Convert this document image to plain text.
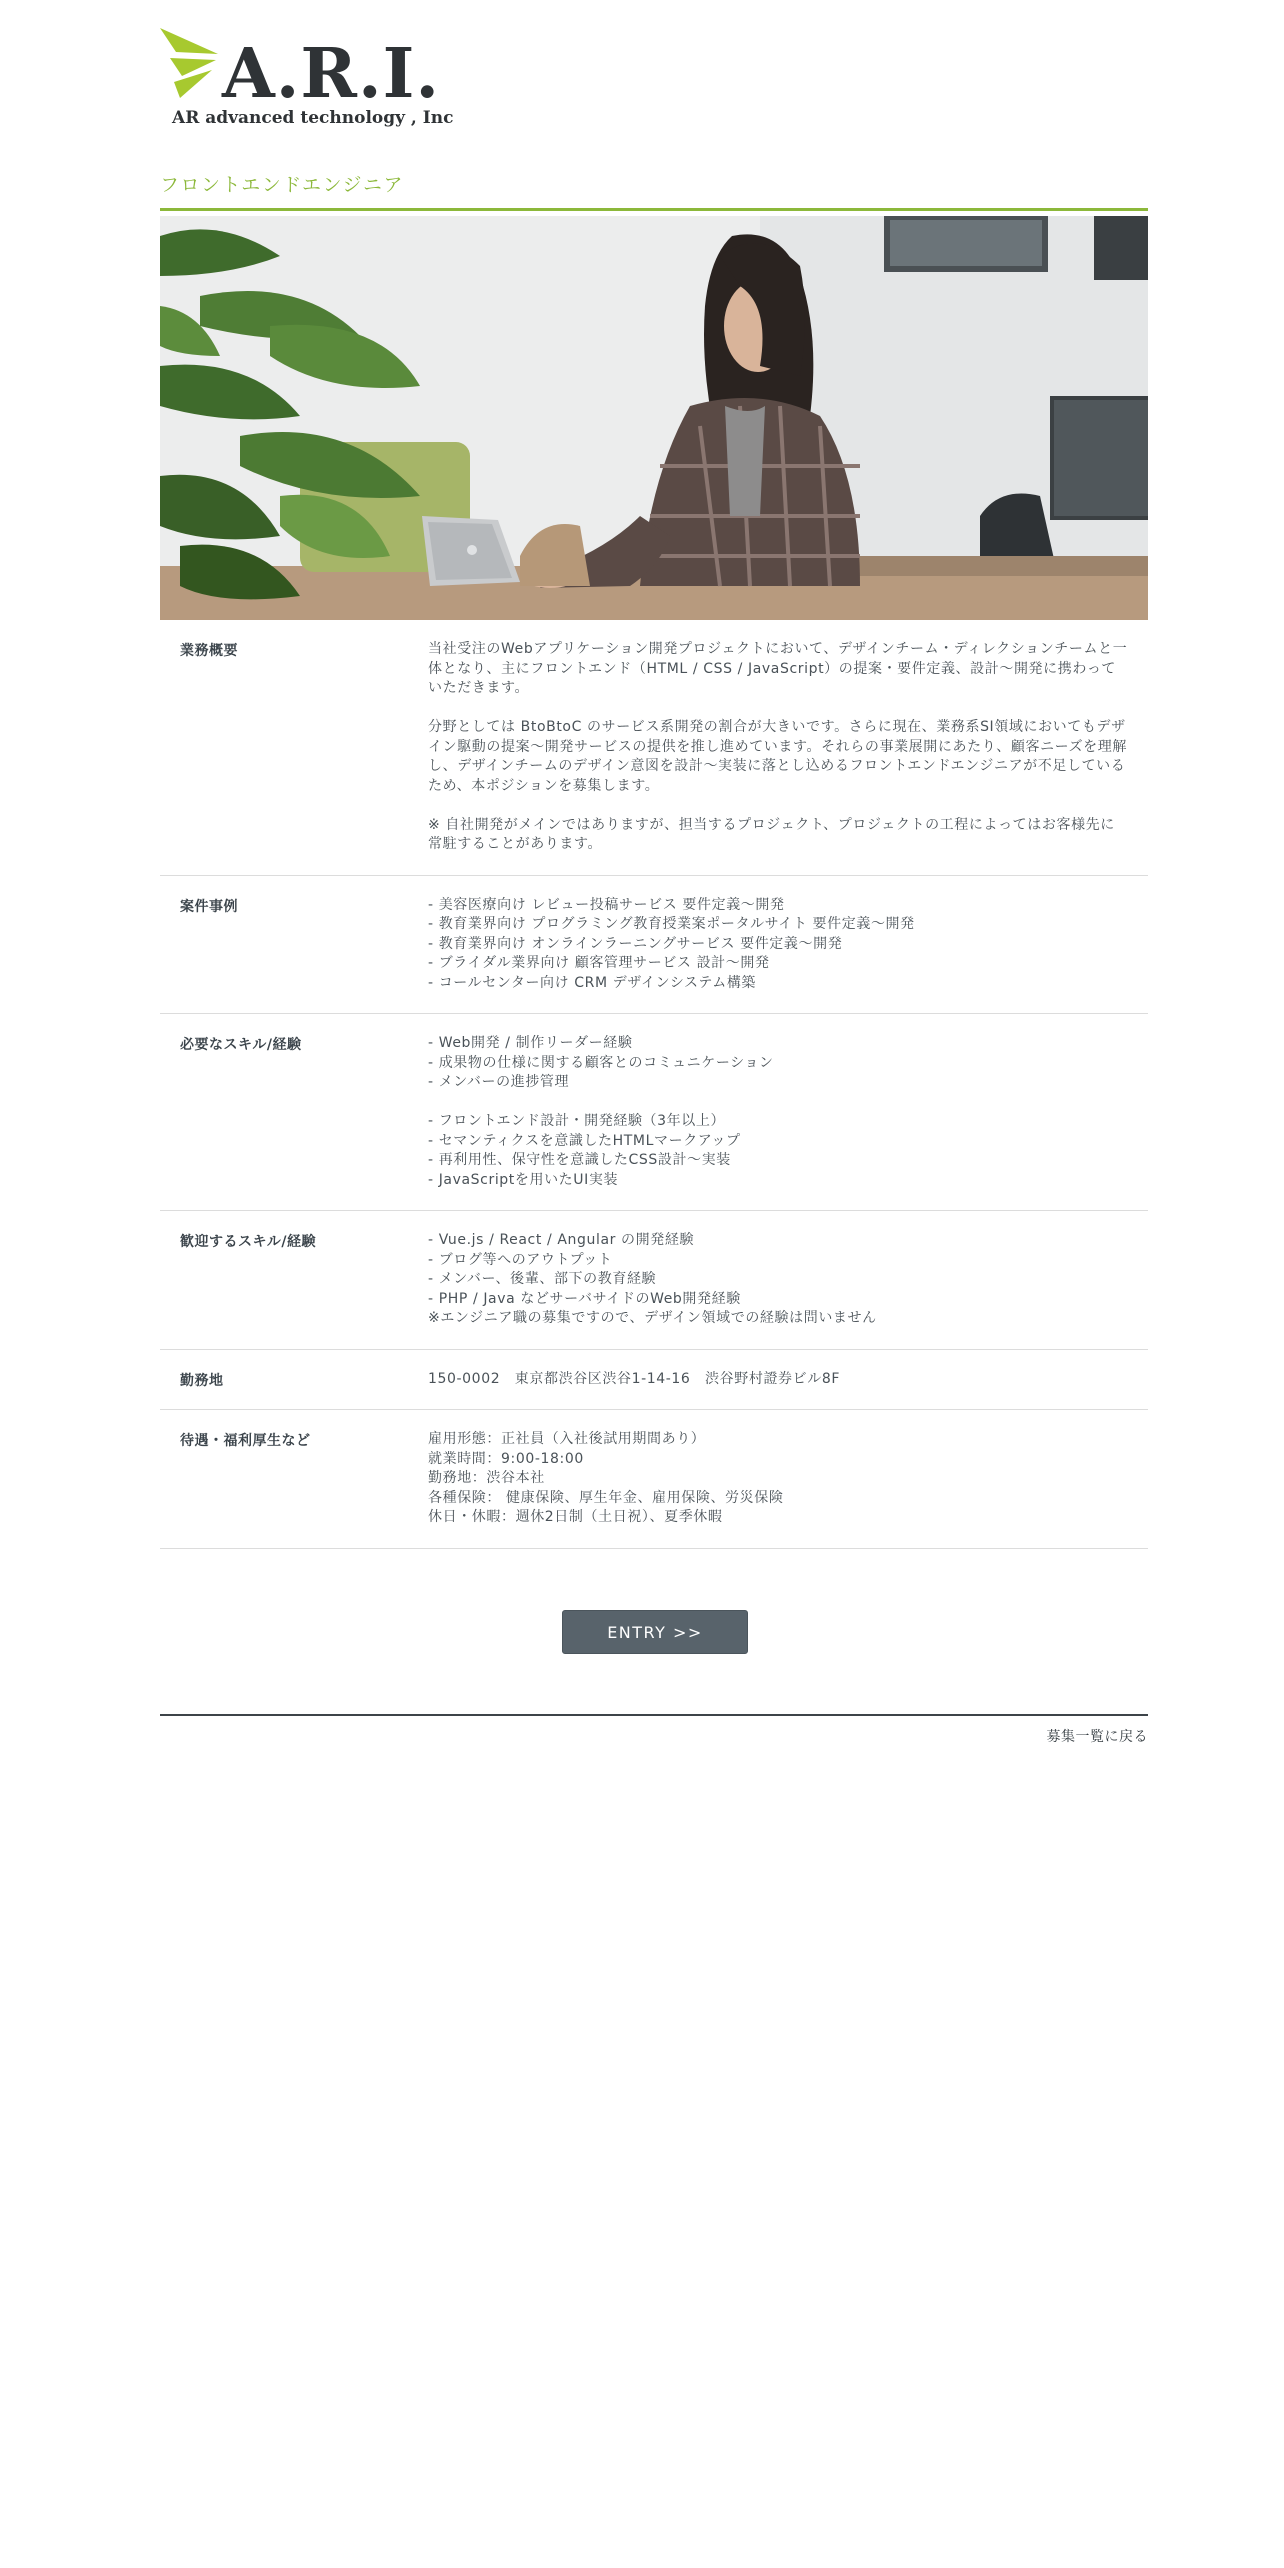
A.R.I.
AR advanced technology , Inc
フロントエンドエンジニア
業務概要	当社受注のWebアプリケーション開発プロジェクトにおいて、デザインチーム・ディレクションチームと一体となり、主にフロントエンド（HTML / CSS / JavaScript）の提案・要件定義、設計〜開発に携わっていただきます。

分野としては BtoBtoC のサービス系開発の割合が大きいです。さらに現在、業務系SI領域においてもデザイン駆動の提案〜開発サービスの提供を推し進めています。それらの事業展開にあたり、顧客ニーズを理解し、デザインチームのデザイン意図を設計〜実装に落とし込めるフロントエンドエンジニアが不足しているため、本ポジションを募集します。

※ 自社開発がメインではありますが、担当するプロジェクト、プロジェクトの工程によってはお客様先に常駐することがあります。

案件事例	- 美容医療向け レビュー投稿サービス 要件定義〜開発
- 教育業界向け プログラミング教育授業案ポータルサイト 要件定義〜開発
- 教育業界向け オンラインラーニングサービス 要件定義〜開発
- ブライダル業界向け 顧客管理サービス 設計〜開発
- コールセンター向け CRM デザインシステム構築

必要なスキル/経験	- Web開発 / 制作リーダー経験
- 成果物の仕様に関する顧客とのコミュニケーション
- メンバーの進捗管理

- フロントエンド設計・開発経験（3年以上）
- セマンティクスを意識したHTMLマークアップ
- 再利用性、保守性を意識したCSS設計〜実装
- JavaScriptを用いたUI実装

歓迎するスキル/経験	- Vue.js / React / Angular の開発経験
- ブログ等へのアウトプット
- メンバー、後輩、部下の教育経験
- PHP / Java などサーバサイドのWeb開発経験
※エンジニア職の募集ですので、デザイン領域での経験は問いません

勤務地	150-0002　東京都渋谷区渋谷1-14-16　渋谷野村證券ビル8F

待遇・福利厚生など	雇用形態：正社員（入社後試用期間あり）
就業時間：9:00-18:00
勤務地：渋谷本社
各種保険： 健康保険、厚生年金、雇用保険、労災保険
休日・休暇：週休2日制（土日祝）、夏季休暇

ENTRY >>
募集一覧に戻る
